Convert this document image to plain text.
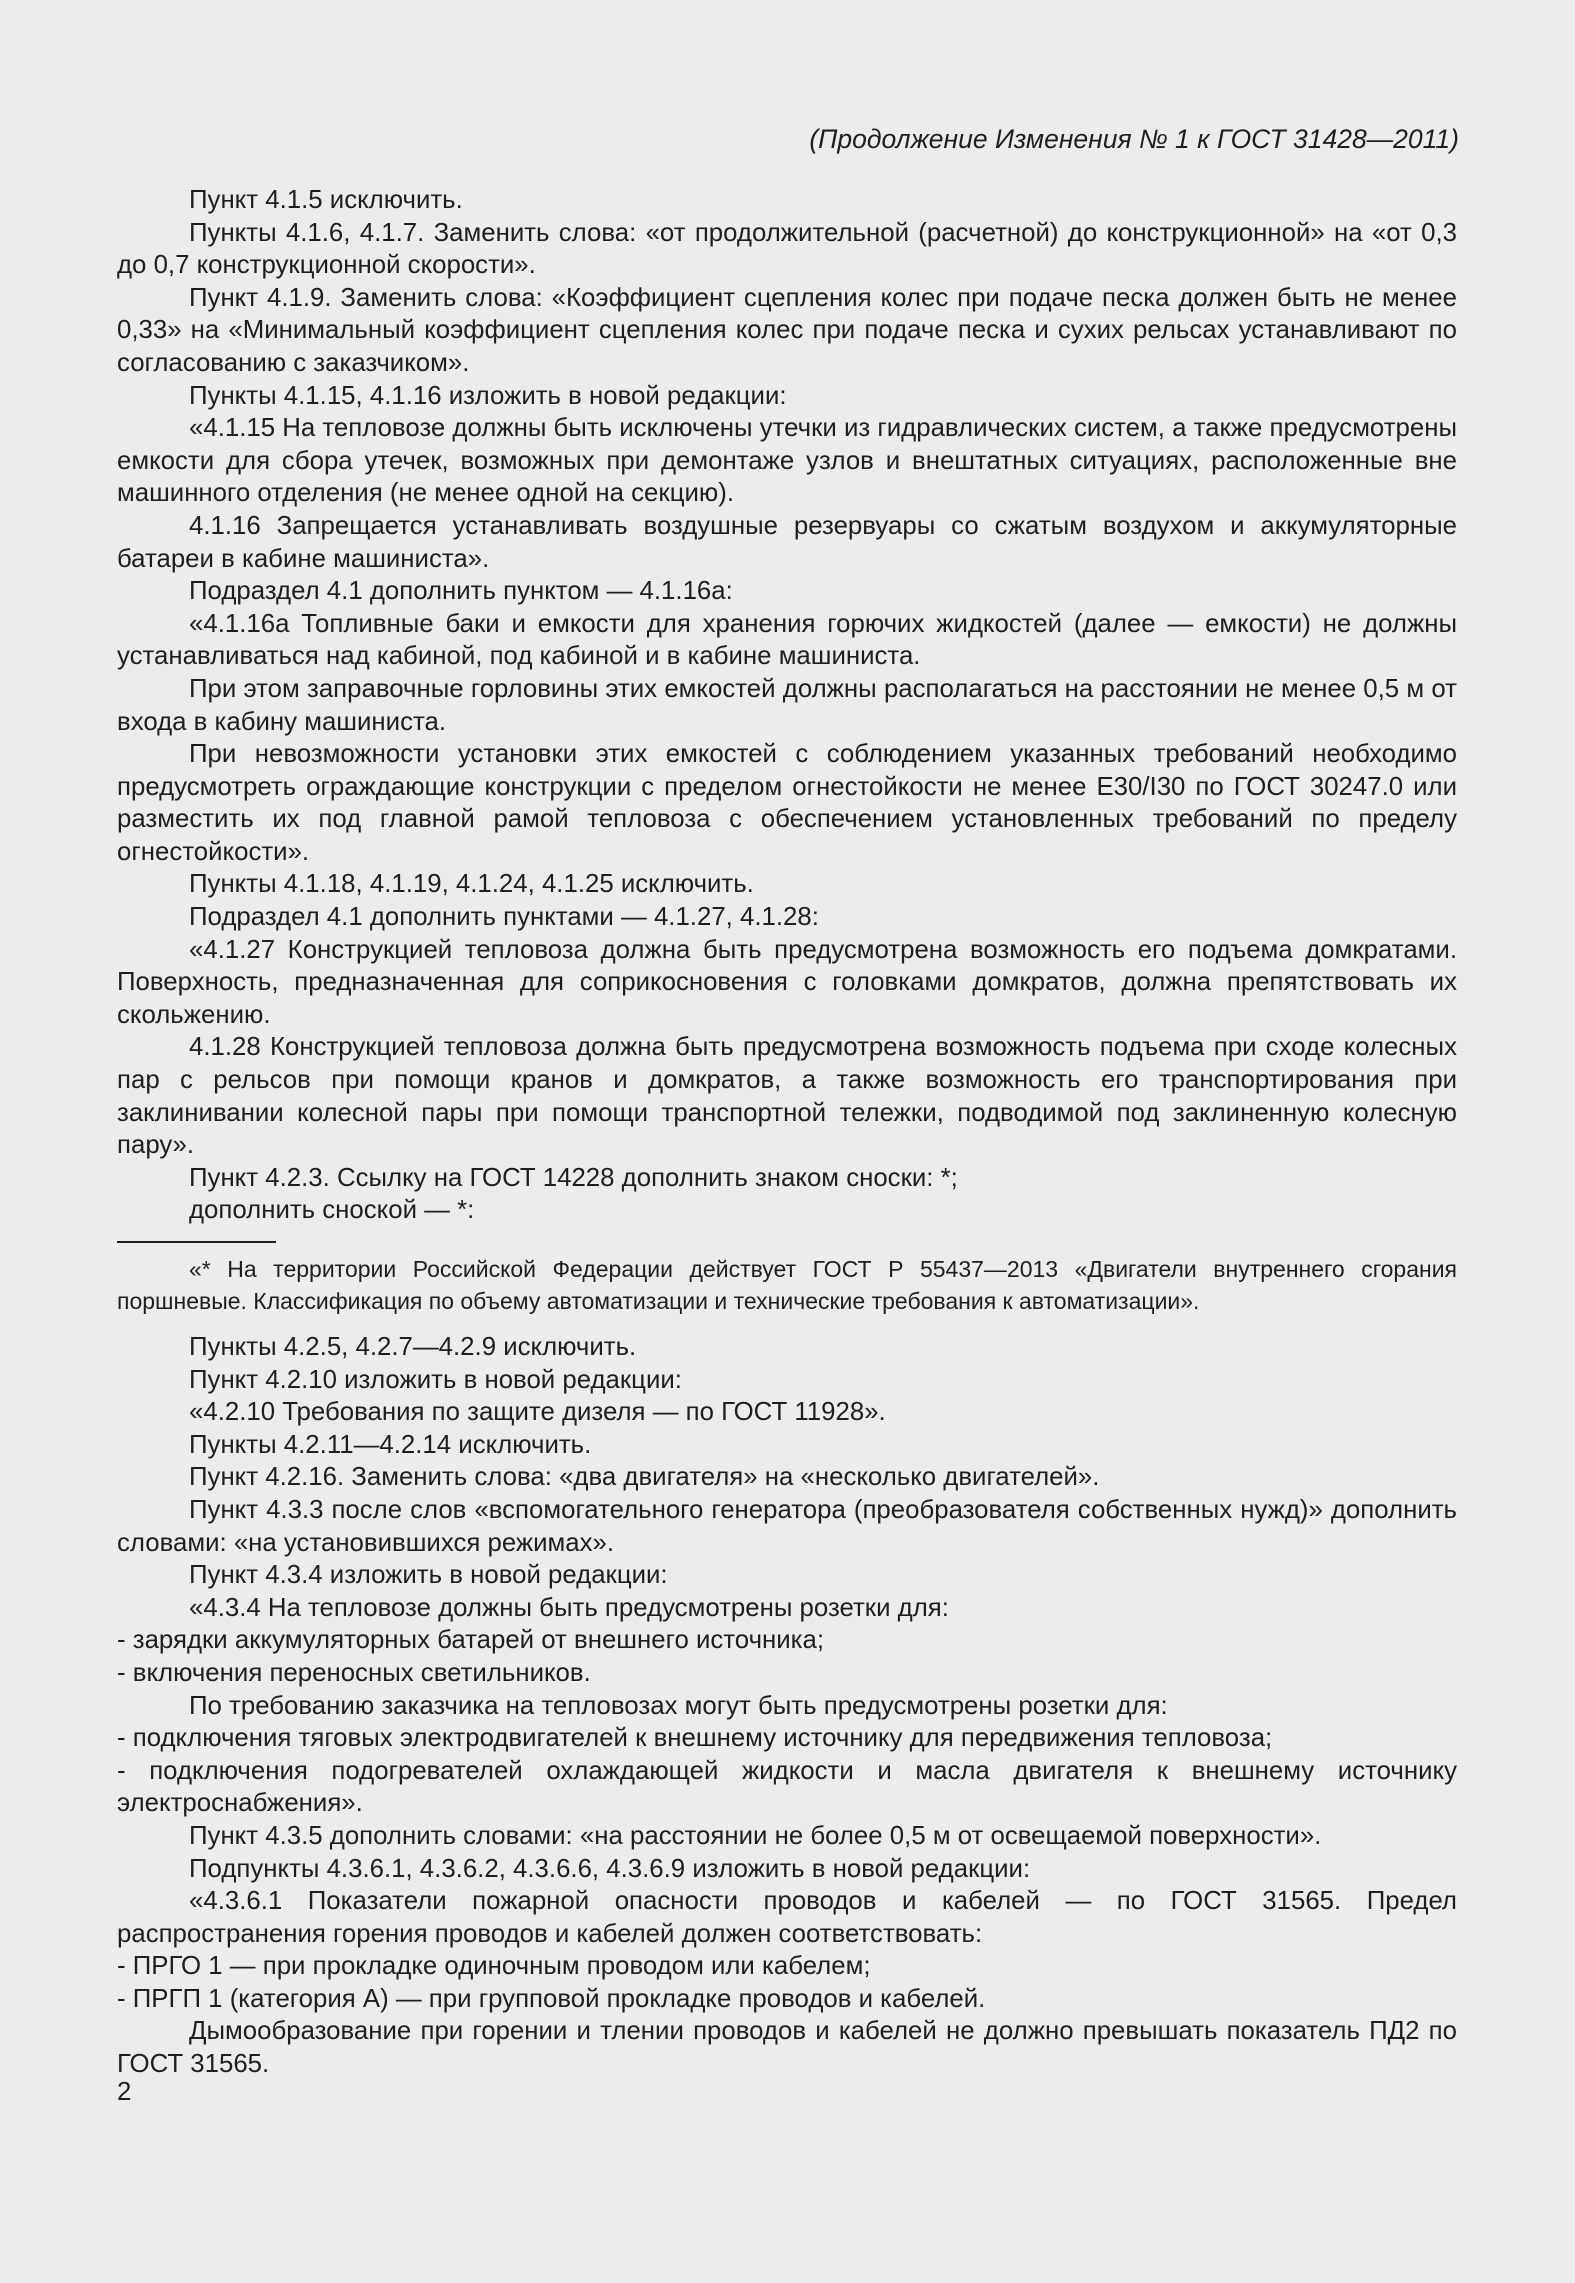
(Продолжение Изменения № 1 к ГОСТ 31428—2011)

Пункт 4.1.5 исключить.

Пункты 4.1.6, 4.1.7. Заменить слова: «от продолжительной (расчетной) до конструкционной» на «от 0,3 до 0,7 конструкционной скорости».

Пункт 4.1.9. Заменить слова: «Коэффициент сцепления колес при подаче песка должен быть не менее 0,33» на «Минимальный коэффициент сцепления колес при подаче песка и сухих рельсах устанавливают по согласованию с заказчиком».

Пункты 4.1.15, 4.1.16 изложить в новой редакции:

«4.1.15 На тепловозе должны быть исключены утечки из гидравлических систем, а также предусмотрены емкости для сбора утечек, возможных при демонтаже узлов и внештатных ситуациях, расположенные вне машинного отделения (не менее одной на секцию).

4.1.16 Запрещается устанавливать воздушные резервуары со сжатым воздухом и аккумуляторные батареи в кабине машиниста».

Подраздел 4.1 дополнить пунктом — 4.1.16а:

«4.1.16а Топливные баки и емкости для хранения горючих жидкостей (далее — емкости) не должны устанавливаться над кабиной, под кабиной и в кабине машиниста.

При этом заправочные горловины этих емкостей должны располагаться на расстоянии не менее 0,5 м от входа в кабину машиниста.

При невозможности установки этих емкостей с соблюдением указанных требований необходимо предусмотреть ограждающие конструкции с пределом огнестойкости не менее Е30/I30 по ГОСТ 30247.0 или разместить их под главной рамой тепловоза с обеспечением установленных требований по пределу огнестойкости».

Пункты 4.1.18, 4.1.19, 4.1.24, 4.1.25 исключить.

Подраздел 4.1 дополнить пунктами — 4.1.27, 4.1.28:

«4.1.27 Конструкцией тепловоза должна быть предусмотрена возможность его подъема домкратами. Поверхность, предназначенная для соприкосновения с головками домкратов, должна препятствовать их скольжению.

4.1.28 Конструкцией тепловоза должна быть предусмотрена возможность подъема при сходе колесных пар с рельсов при помощи кранов и домкратов, а также возможность его транспортирования при заклинивании колесной пары при помощи транспортной тележки, подводимой под заклиненную колесную пару».

Пункт 4.2.3. Ссылку на ГОСТ 14228 дополнить знаком сноски: *;

дополнить сноской — *:

«* На территории Российской Федерации действует ГОСТ Р 55437—2013 «Двигатели внутреннего сгорания поршневые. Классификация по объему автоматизации и технические требования к автоматизации».

Пункты 4.2.5, 4.2.7—4.2.9 исключить.

Пункт 4.2.10 изложить в новой редакции:

«4.2.10 Требования по защите дизеля — по ГОСТ 11928».

Пункты 4.2.11—4.2.14 исключить.

Пункт 4.2.16. Заменить слова: «два двигателя» на «несколько двигателей».

Пункт 4.3.3 после слов «вспомогательного генератора (преобразователя собственных нужд)» дополнить словами: «на установившихся режимах».

Пункт 4.3.4 изложить в новой редакции:

«4.3.4 На тепловозе должны быть предусмотрены розетки для:

- зарядки аккумуляторных батарей от внешнего источника;

- включения переносных светильников.

По требованию заказчика на тепловозах могут быть предусмотрены розетки для:

- подключения тяговых электродвигателей к внешнему источнику для передвижения тепловоза;

- подключения подогревателей охлаждающей жидкости и масла двигателя к внешнему источнику электроснабжения».

Пункт 4.3.5 дополнить словами: «на расстоянии не более 0,5 м от освещаемой поверхности».

Подпункты 4.3.6.1, 4.3.6.2, 4.3.6.6, 4.3.6.9 изложить в новой редакции:

«4.3.6.1 Показатели пожарной опасности проводов и кабелей — по ГОСТ 31565. Предел распространения горения проводов и кабелей должен соответствовать:

- ПРГО 1 — при прокладке одиночным проводом или кабелем;

- ПРГП 1 (категория А) — при групповой прокладке проводов и кабелей.

Дымообразование при горении и тлении проводов и кабелей не должно превышать показатель ПД2 по ГОСТ 31565.

2
